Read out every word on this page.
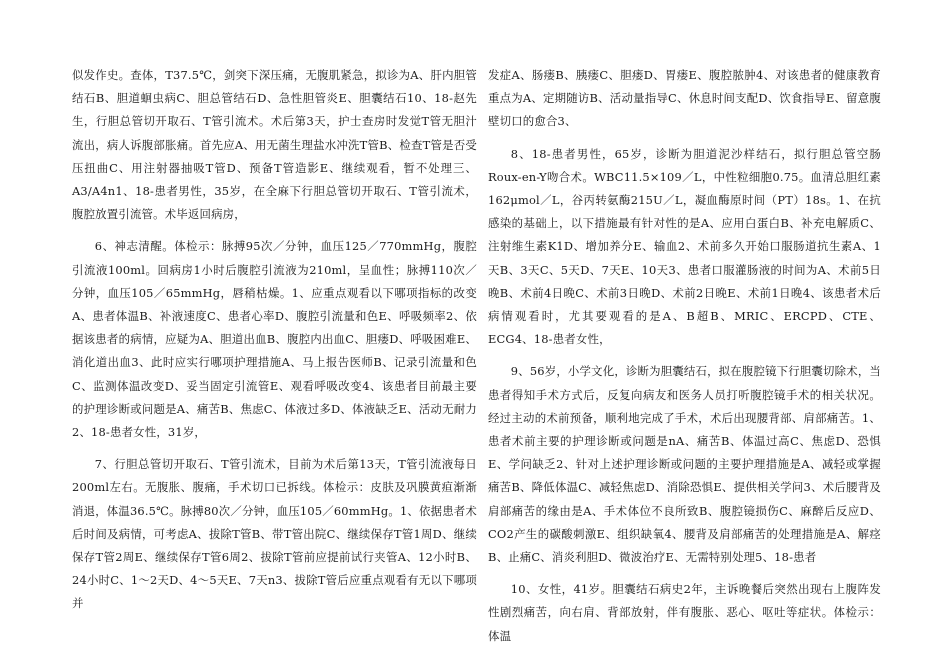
似发作史。查体，T37.5℃，剑突下深压痛，无腹肌紧急，拟诊为A、肝内胆管结石B、胆道蛔虫病C、胆总管结石D、急性胆管炎E、胆囊结石10、18-赵先生，行胆总管切开取石、T管引流术。术后第3天，护士查房时发觉T管无胆汁流出，病人诉腹部胀痛。首先应A、用无菌生理盐水冲洗T管B、检查T管是否受压扭曲C、用注射器抽吸T管D、预备T管造影E、继续观看，暂不处理三、A3/A4n1、18-患者男性，35岁，在全麻下行胆总管切开取石、T管引流术，腹腔放置引流管。术毕返回病房，

6、神志清醒。体检示：脉搏95次／分钟，血压125／770mmHg，腹腔引流液100ml。回病房1小时后腹腔引流液为210ml，呈血性；脉搏110次／分钟，血压105／65mmHg，唇稍枯燥。1、应重点观看以下哪项指标的改变A、患者体温B、补液速度C、患者心率D、腹腔引流量和色E、呼吸频率2、依据该患者的病情，应疑为A、胆道出血B、腹腔内出血C、胆瘘D、呼吸困难E、消化道出血3、此时应实行哪项护理措施A、马上报告医师B、记录引流量和色C、监测体温改变D、妥当固定引流管E、观看呼吸改变4、该患者目前最主要的护理诊断或问题是A、痛苦B、焦虑C、体液过多D、体液缺乏E、活动无耐力2、18-患者女性，31岁，

7、行胆总管切开取石、T管引流术，目前为术后第13天，T管引流液每日200ml左右。无腹胀、腹痛，手术切口已拆线。体检示：皮肤及巩膜黄疸渐渐消退，体温36.5℃。脉搏80次／分钟，血压105／60mmHg。1、依据患者术后时间及病情，可考虑A、拔除T管B、带T管出院C、继续保存T管1周D、继续保存T管2周E、继续保存T管6周2、拔除T管前应提前试行夹管A、12小时B、24小时C、1～2天D、4～5天E、7天n3、拔除T管后应重点观看有无以下哪项并

发症A、肠瘘B、胰瘘C、胆瘘D、胃瘘E、腹腔脓肿4、对该患者的健康教育重点为A、定期随访B、活动量指导C、休息时间支配D、饮食指导E、留意腹壁切口的愈合3、

8、18-患者男性，65岁，诊断为胆道泥沙样结石，拟行胆总管空肠Roux-en-Y吻合术。WBC11.5×109／L，中性粒细胞0.75。血清总胆红素162μmol／L，谷丙转氨酶215U／L，凝血酶原时间（PT）18s。1、在抗感染的基础上，以下措施最有针对性的是A、应用白蛋白B、补充电解质C、注射维生素K1D、增加养分E、输血2、术前多久开始口服肠道抗生素A、1天B、3天C、5天D、7天E、10天3、患者口服灌肠液的时间为A、术前5日晚B、术前4日晚C、术前3日晚D、术前2日晚E、术前1日晚4、该患者术后病情观看时，尤其要观看的是A、B超B、MRIC、ERCPD、CTE、ECG4、18-患者女性，

9、56岁，小学文化，诊断为胆囊结石，拟在腹腔镜下行胆囊切除术，当患者得知手术方式后，反复向病友和医务人员打听腹腔镜手术的相关状况。经过主动的术前预备，顺利地完成了手术，术后出现腰背部、肩部痛苦。1、患者术前主要的护理诊断或问题是nA、痛苦B、体温过高C、焦虑D、恐惧E、学问缺乏2、针对上述护理诊断或问题的主要护理措施是A、减轻或掌握痛苦B、降低体温C、减轻焦虑D、消除恐惧E、提供相关学问3、术后腰背及肩部痛苦的缘由是A、手术体位不良所致B、腹腔镜损伤C、麻醉后反应D、CO2产生的碳酸刺激E、组织缺氧4、腰背及肩部痛苦的处理措施是A、解痉B、止痛C、消炎利胆D、微波治疗E、无需特别处理5、18-患者

10、女性，41岁。胆囊结石病史2年，主诉晚餐后突然出现右上腹阵发性剧烈痛苦，向右肩、背部放射，伴有腹胀、恶心、呕吐等症状。体检示：体温
